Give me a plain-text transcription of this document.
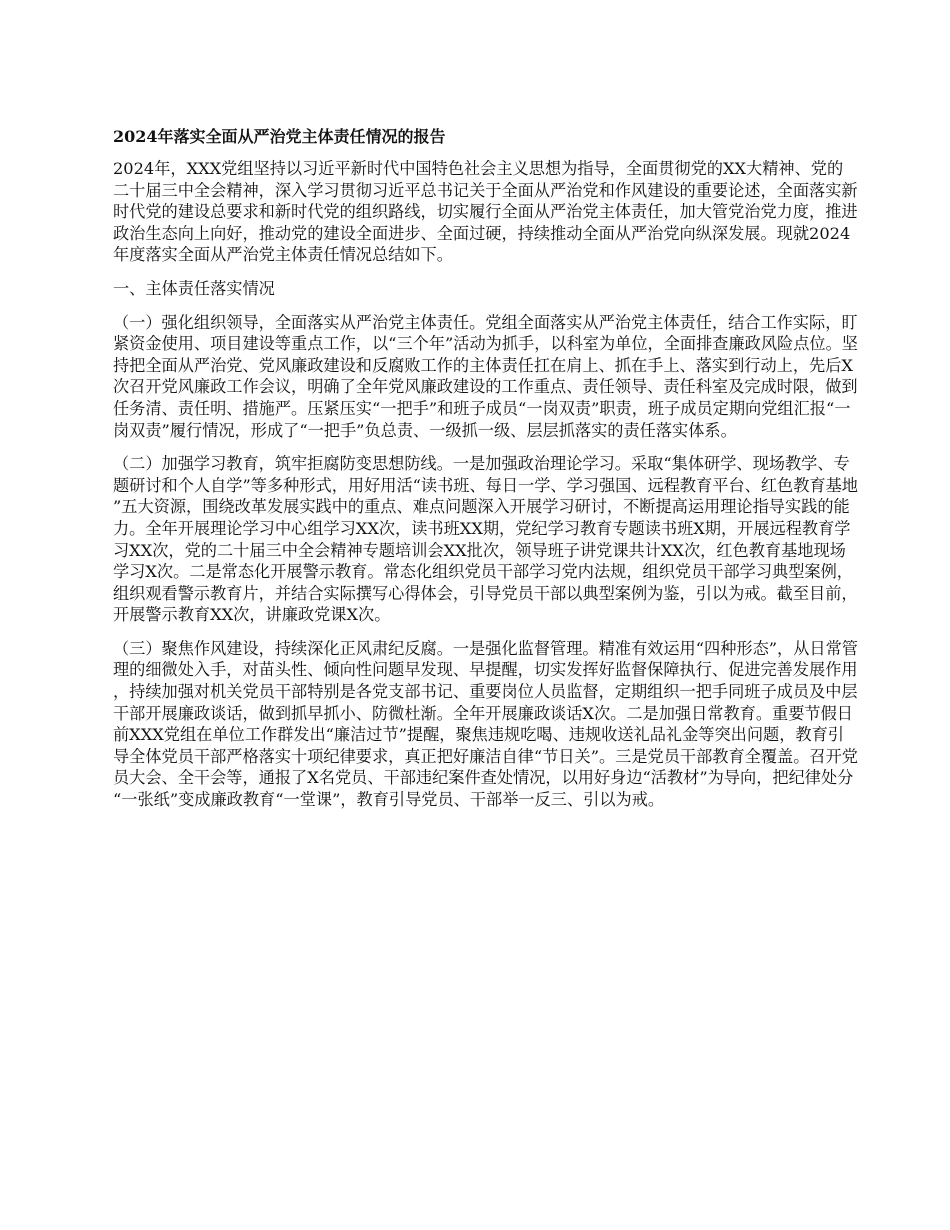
2024年落实全面从严治党主体责任情况的报告

2024年，XXX党组坚持以习近平新时代中国特色社会主义思想为指导，全面贯彻党的XX大精神、党的二十届三中全会精神，深入学习贯彻习近平总书记关于全面从严治党和作风建设的重要论述，全面落实新时代党的建设总要求和新时代党的组织路线，切实履行全面从严治党主体责任，加大管党治党力度，推进政治生态向上向好，推动党的建设全面进步、全面过硬，持续推动全面从严治党向纵深发展。现就2024年度落实全面从严治党主体责任情况总结如下。

一、主体责任落实情况

（一）强化组织领导，全面落实从严治党主体责任。党组全面落实从严治党主体责任，结合工作实际，盯紧资金使用、项目建设等重点工作，以“三个年”活动为抓手，以科室为单位，全面排查廉政风险点位。坚持把全面从严治党、党风廉政建设和反腐败工作的主体责任扛在肩上、抓在手上、落实到行动上，先后X次召开党风廉政工作会议，明确了全年党风廉政建设的工作重点、责任领导、责任科室及完成时限，做到任务清、责任明、措施严。压紧压实“一把手”和班子成员“一岗双责”职责，班子成员定期向党组汇报“一岗双责”履行情况，形成了“一把手”负总责、一级抓一级、层层抓落实的责任落实体系。

（二）加强学习教育，筑牢拒腐防变思想防线。一是加强政治理论学习。采取“集体研学、现场教学、专题研讨和个人自学”等多种形式，用好用活“读书班、每日一学、学习强国、远程教育平台、红色教育基地”五大资源，围绕改革发展实践中的重点、难点问题深入开展学习研讨，不断提高运用理论指导实践的能力。全年开展理论学习中心组学习XX次，读书班XX期，党纪学习教育专题读书班X期，开展远程教育学习XX次，党的二十届三中全会精神专题培训会XX批次，领导班子讲党课共计XX次，红色教育基地现场学习X次。二是常态化开展警示教育。常态化组织党员干部学习党内法规，组织党员干部学习典型案例，组织观看警示教育片，并结合实际撰写心得体会，引导党员干部以典型案例为鉴，引以为戒。截至目前，开展警示教育XX次，讲廉政党课X次。

（三）聚焦作风建设，持续深化正风肃纪反腐。一是强化监督管理。精准有效运用“四种形态”，从日常管理的细微处入手，对苗头性、倾向性问题早发现、早提醒，切实发挥好监督保障执行、促进完善发展作用，持续加强对机关党员干部特别是各党支部书记、重要岗位人员监督，定期组织一把手同班子成员及中层干部开展廉政谈话，做到抓早抓小、防微杜渐。全年开展廉政谈话X次。二是加强日常教育。重要节假日前XXX党组在单位工作群发出“廉洁过节”提醒，聚焦违规吃喝、违规收送礼品礼金等突出问题，教育引导全体党员干部严格落实十项纪律要求，真正把好廉洁自律“节日关”。三是党员干部教育全覆盖。召开党员大会、全干会等，通报了X名党员、干部违纪案件查处情况，以用好身边“活教材”为导向，把纪律处分“一张纸”变成廉政教育“一堂课”，教育引导党员、干部举一反三、引以为戒。
